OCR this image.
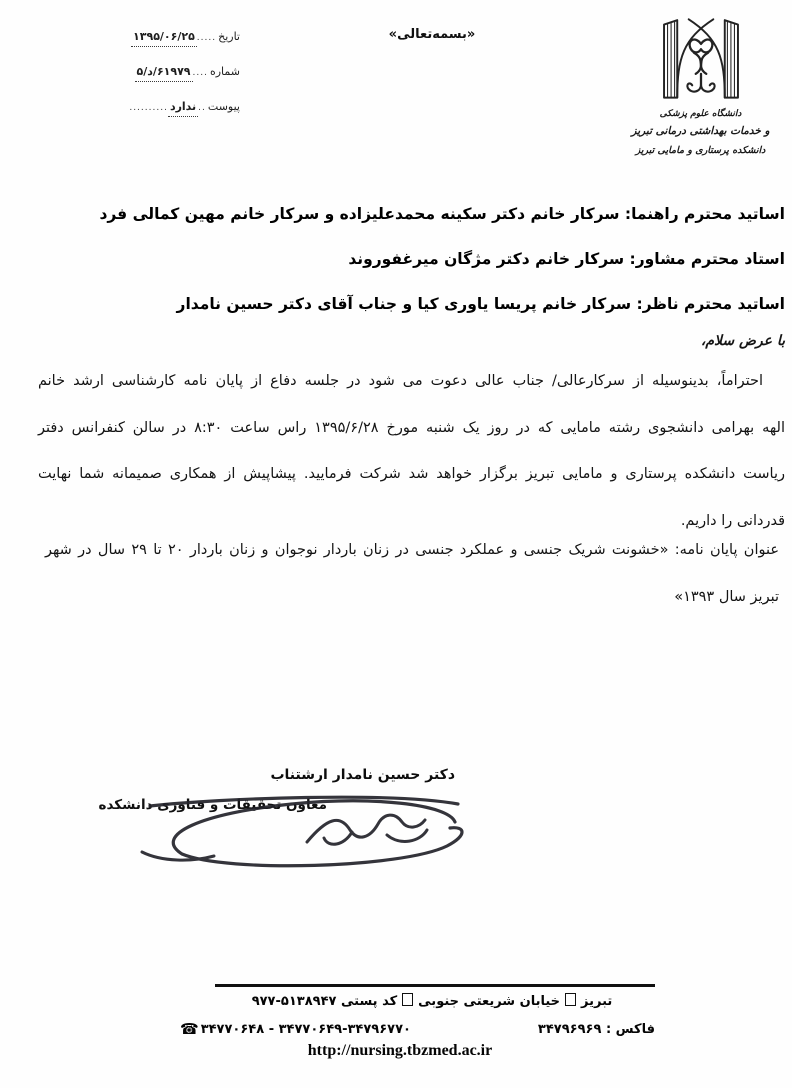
تاریخ
.....
۱۳۹۵/۰۶/۲۵
شماره
....
۶۱۹۷۹/د/۵
پیوست
..
ندارد
..........
«بسمه‌تعالی»
دانشگاه علوم پزشکی
و خدمات بهداشتی درمانی تبریز
دانشکده پرستاری و مامایی تبریز
اساتید محترم راهنما: سرکار خانم دکتر سکینه محمدعلیزاده و سرکار خانم مهین کمالی فرد
استاد محترم مشاور: سرکار خانم دکتر مژگان میرغفوروند
اساتید محترم ناظر: سرکار خانم پریسا یاوری کیا و جناب آقای دکتر حسین نامدار
با عرض سلام،
احتراماً، بدینوسیله از سرکارعالی/ جناب عالی دعوت می شود در جلسه دفاع از پایان نامه کارشناسی ارشد خانم
الهه بهرامی دانشجوی رشته مامایی که در روز یک شنبه مورخ ۱۳۹۵/۶/۲۸ راس ساعت ۸:۳۰ در سالن کنفرانس دفتر
ریاست دانشکده پرستاری و مامایی تبریز برگزار خواهد شد شرکت فرمایید. پیشاپیش از همکاری صمیمانه شما نهایت
قدردانی را داریم.
عنوان پایان نامه: «خشونت شریک جنسی و عملکرد جنسی در زنان باردار نوجوان و زنان باردار ۲۰ تا ۲۹ سال در شهر
تبریز سال ۱۳۹۳»
دکتر حسین نامدار ارشتناب
معاون تحقیقات و فناوری دانشکده
تبریزخیابان شریعتی جنوبیکد پستی ۵۱۳۸۹۴۷-۹۷۷
فاکس : ۳۴۷۹۶۹۶۹
☎ ۳۴۷۷۰۶۴۸ - ۳۴۷۷۰۶۴۹-۳۴۷۹۶۷۷۰
http://nursing.tbzmed.ac.ir
